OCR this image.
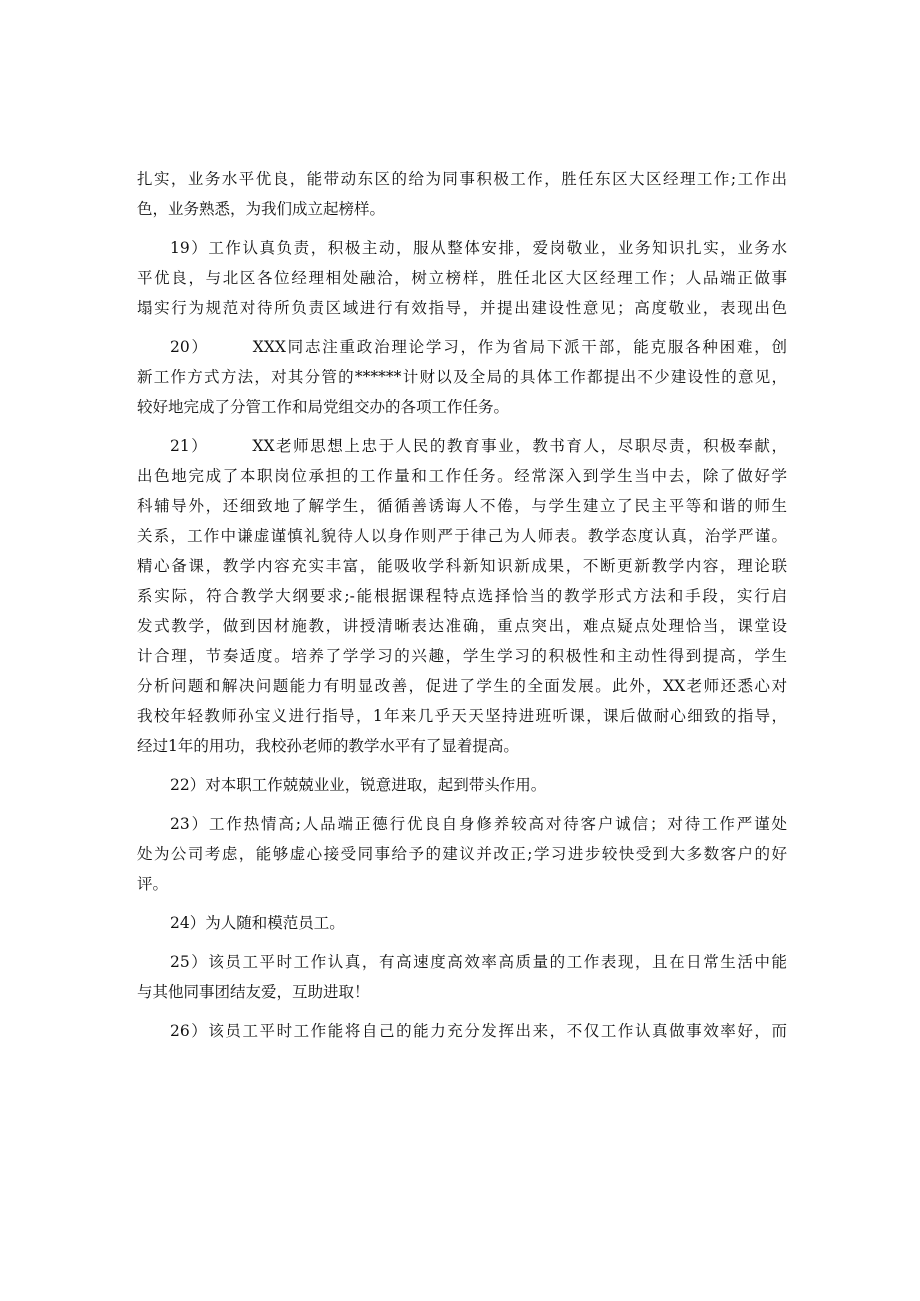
扎实，业务水平优良，能带动东区的给为同事积极工作，胜任东区大区经理工作;工作出
色，业务熟悉，为我们成立起榜样。
19）工作认真负责，积极主动，服从整体安排，爱岗敬业，业务知识扎实，业务水
平优良，与北区各位经理相处融洽，树立榜样，胜任北区大区经理工作；人品端正做事
塌实行为规范对待所负责区域进行有效指导，并提出建设性意见；高度敬业，表现出色
20）	XXX同志注重政治理论学习，作为省局下派干部，能克服各种困难，创
新工作方式方法，对其分管的******计财以及全局的具体工作都提出不少建设性的意见，
较好地完成了分管工作和局党组交办的各项工作任务。
21）	XX老师思想上忠于人民的教育事业，教书育人，尽职尽责，积极奉献，
出色地完成了本职岗位承担的工作量和工作任务。经常深入到学生当中去，除了做好学
科辅导外，还细致地了解学生，循循善诱诲人不倦，与学生建立了民主平等和谐的师生
关系，工作中谦虚谨慎礼貌待人以身作则严于律己为人师表。教学态度认真，治学严谨。
精心备课，教学内容充实丰富，能吸收学科新知识新成果，不断更新教学内容，理论联
系实际，符合教学大纲要求;-能根据课程特点选择恰当的教学形式方法和手段，实行启
发式教学，做到因材施教，讲授清晰表达准确，重点突出，难点疑点处理恰当，课堂设
计合理，节奏适度。培养了学学习的兴趣，学生学习的积极性和主动性得到提高，学生
分析问题和解决问题能力有明显改善，促进了学生的全面发展。此外，XX老师还悉心对
我校年轻教师孙宝义进行指导，1年来几乎天天坚持进班听课，课后做耐心细致的指导，
经过1年的用功，我校孙老师的教学水平有了显着提高。
22）对本职工作兢兢业业，锐意进取，起到带头作用。
23）工作热情高;人品端正德行优良自身修养较高对待客户诚信；对待工作严谨处
处为公司考虑，能够虚心接受同事给予的建议并改正;学习进步较快受到大多数客户的好
评。
24）为人随和模范员工。
25）该员工平时工作认真，有高速度高效率高质量的工作表现，且在日常生活中能
与其他同事团结友爱，互助进取！
26）该员工平时工作能将自己的能力充分发挥出来，不仅工作认真做事效率好，而
